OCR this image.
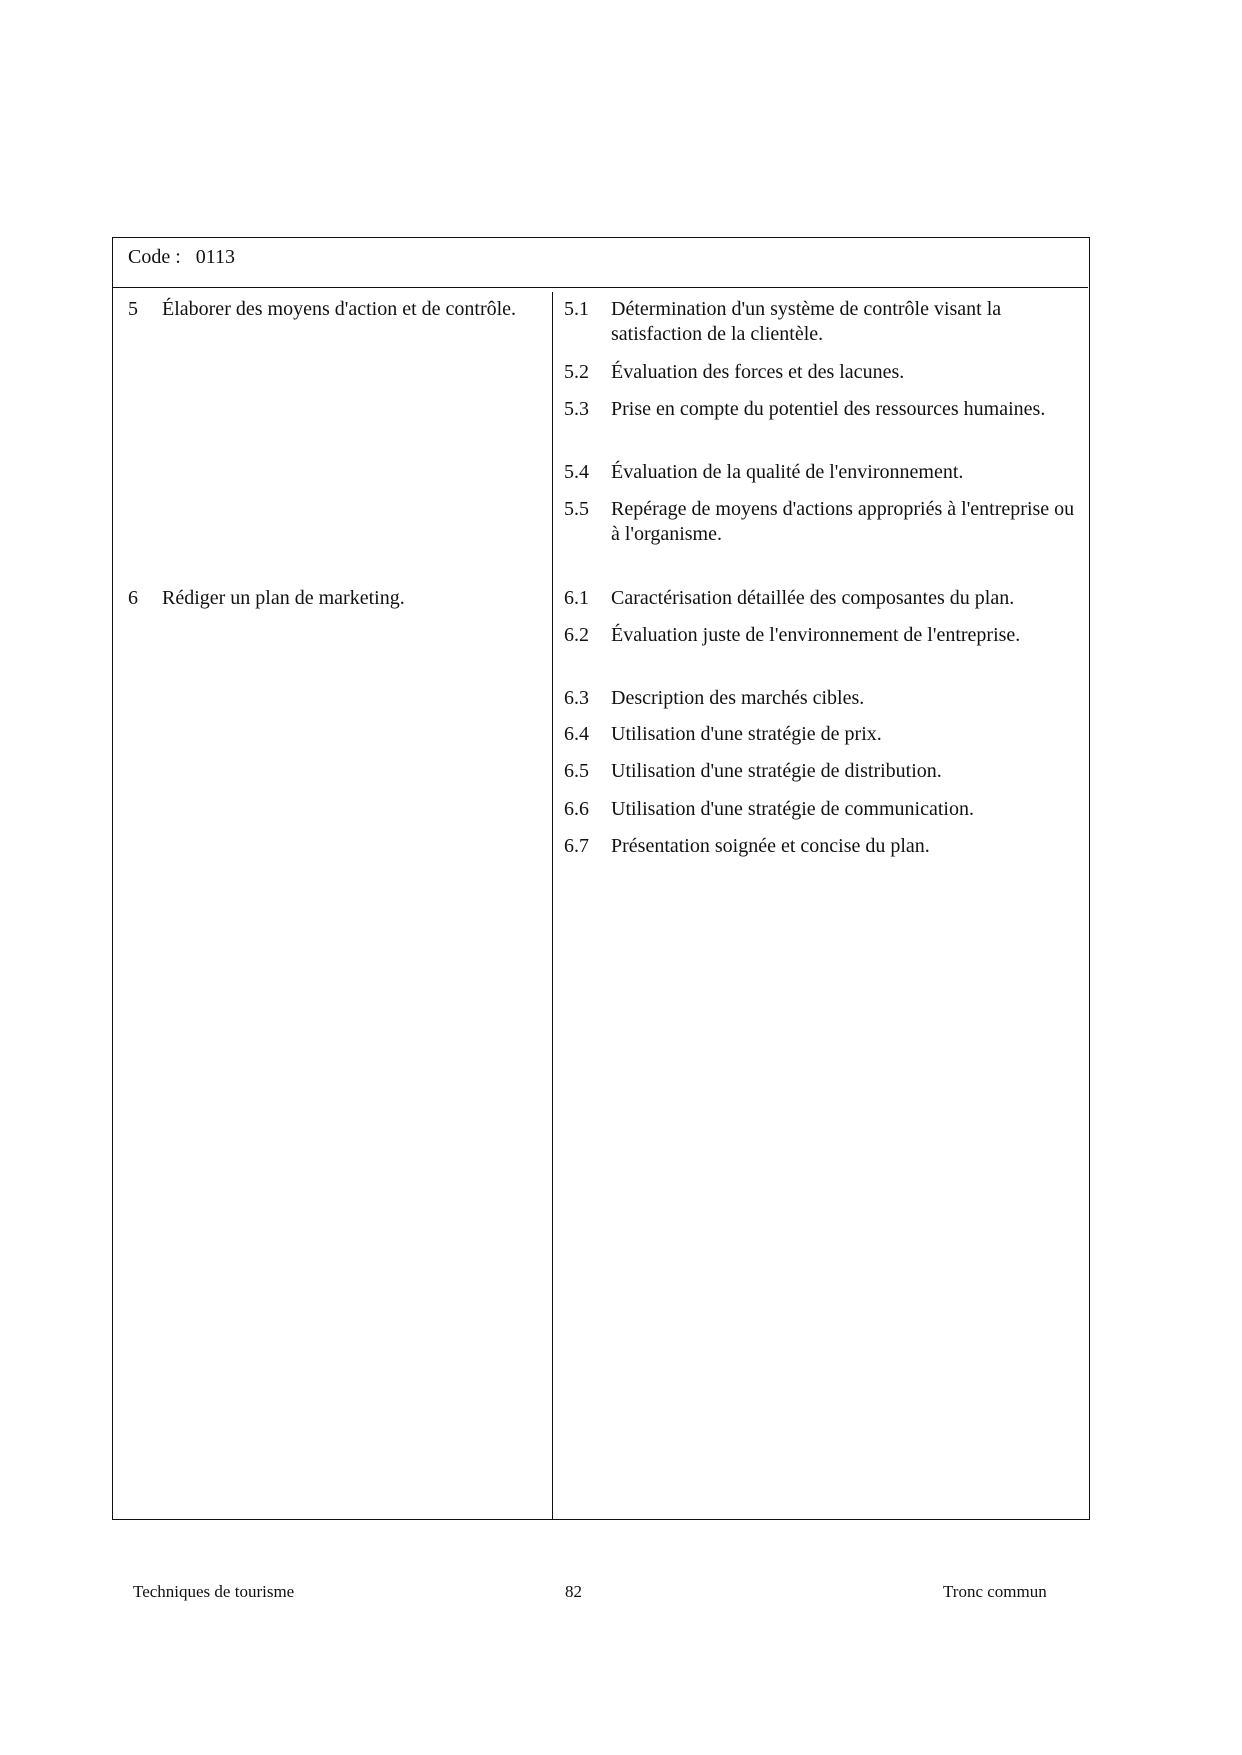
Code : 0113
5 Élaborer des moyens d'action et de contrôle.	5.1 Détermination d'un système de contrôle visant la satisfaction de la clientèle.
5.2 Évaluation des forces et des lacunes.
5.3 Prise en compte du potentiel des ressources humaines.
5.4 Évaluation de la qualité de l'environnement.
5.5 Repérage de moyens d'actions appropriés à l'entreprise ou à l'organisme.
6 Rédiger un plan de marketing.	6.1 Caractérisation détaillée des composantes du plan.
6.2 Évaluation juste de l'environnement de l'entreprise.
6.3 Description des marchés cibles.
6.4 Utilisation d'une stratégie de prix.
6.5 Utilisation d'une stratégie de distribution.
6.6 Utilisation d'une stratégie de communication.
6.7 Présentation soignée et concise du plan.
Techniques de tourisme	82	Tronc commun
